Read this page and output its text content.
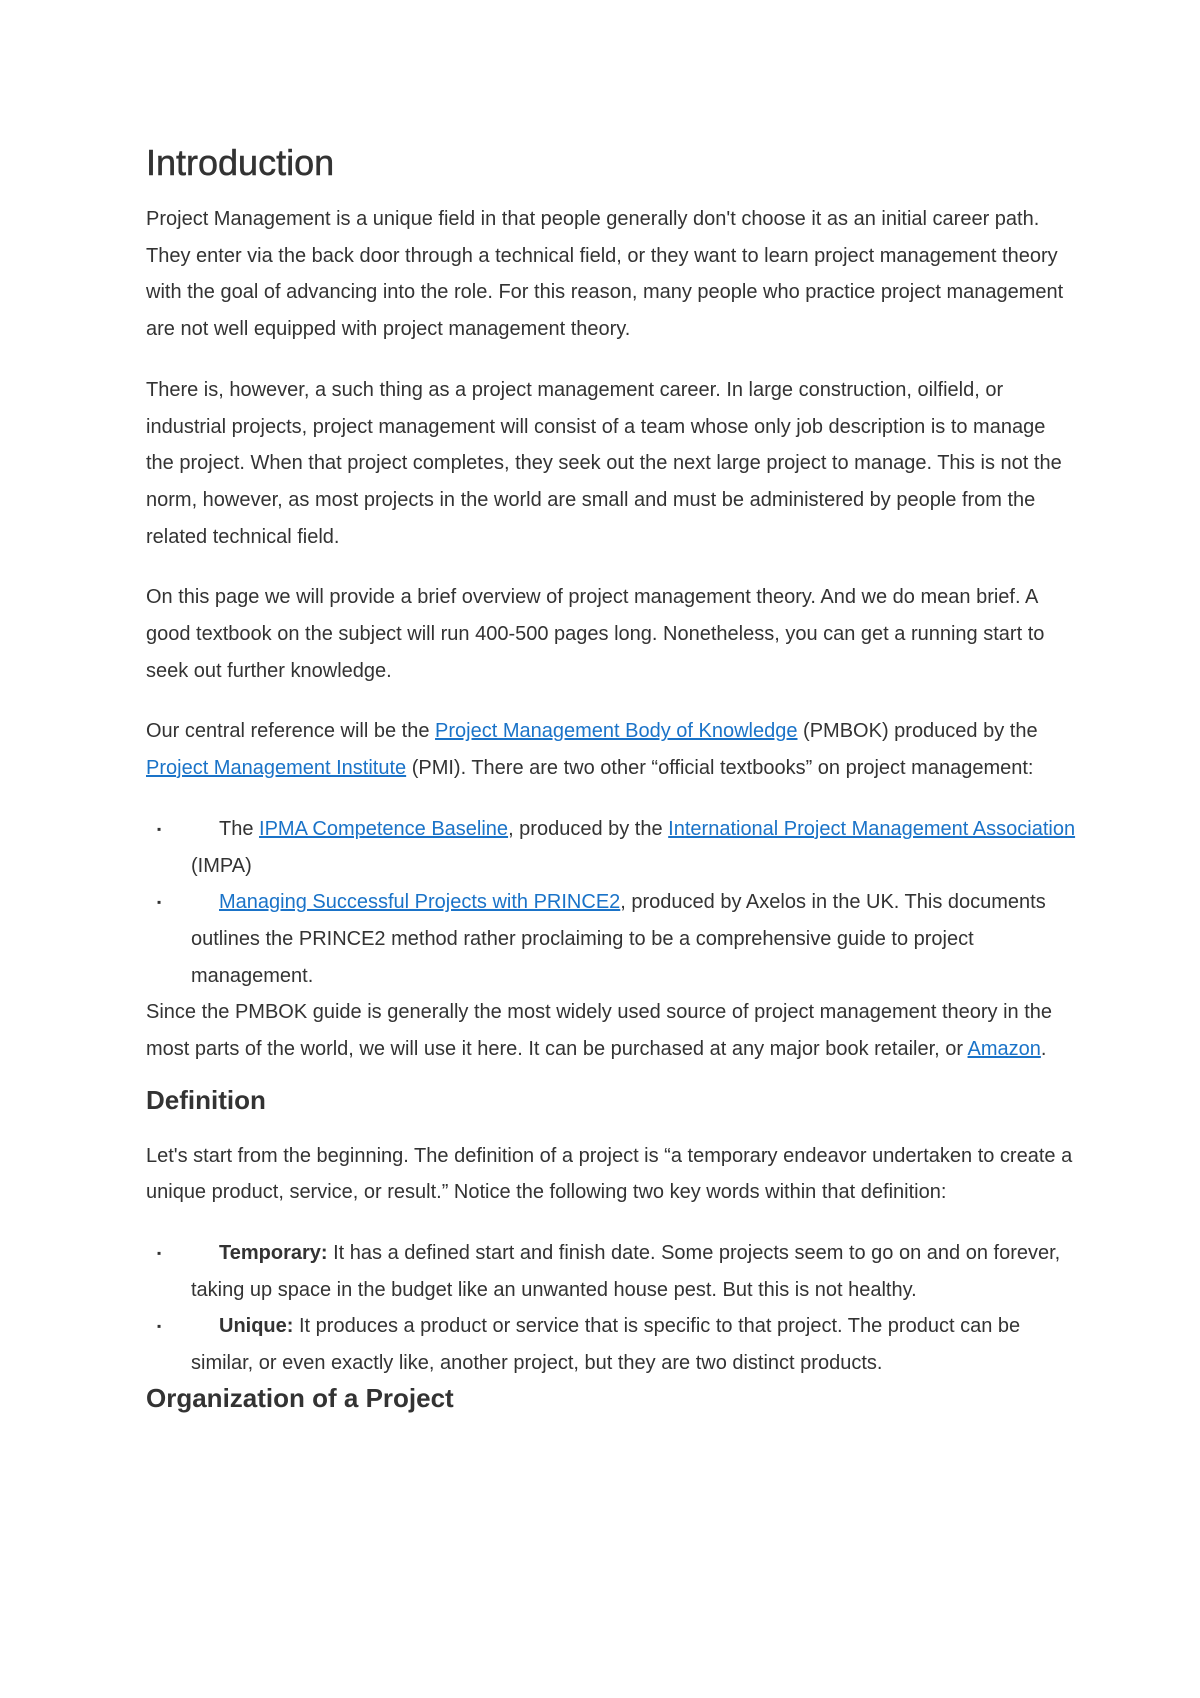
Introduction

Project Management is a unique field in that people generally don't choose it as an initial career path. They enter via the back door through a technical field, or they want to learn project management theory with the goal of advancing into the role. For this reason, many people who practice project management are not well equipped with project management theory.

There is, however, a such thing as a project management career. In large construction, oilfield, or industrial projects, project management will consist of a team whose only job description is to manage the project. When that project completes, they seek out the next large project to manage. This is not the norm, however, as most projects in the world are small and must be administered by people from the related technical field.

On this page we will provide a brief overview of project management theory. And we do mean brief. A good textbook on the subject will run 400-500 pages long. Nonetheless, you can get a running start to seek out further knowledge.

Our central reference will be the Project Management Body of Knowledge (PMBOK) produced by the Project Management Institute (PMI). There are two other “official textbooks” on project management:

▪	The IPMA Competence Baseline, produced by the International Project Management Association (IMPA)
▪	Managing Successful Projects with PRINCE2, produced by Axelos in the UK. This documents outlines the PRINCE2 method rather proclaiming to be a comprehensive guide to project management.

Since the PMBOK guide is generally the most widely used source of project management theory in the most parts of the world, we will use it here. It can be purchased at any major book retailer, or Amazon.

Definition

Let's start from the beginning. The definition of a project is “a temporary endeavor undertaken to create a unique product, service, or result.” Notice the following two key words within that definition:

▪	Temporary: It has a defined start and finish date. Some projects seem to go on and on forever, taking up space in the budget like an unwanted house pest. But this is not healthy.
▪	Unique: It produces a product or service that is specific to that project. The product can be similar, or even exactly like, another project, but they are two distinct products.
Organization of a Project
